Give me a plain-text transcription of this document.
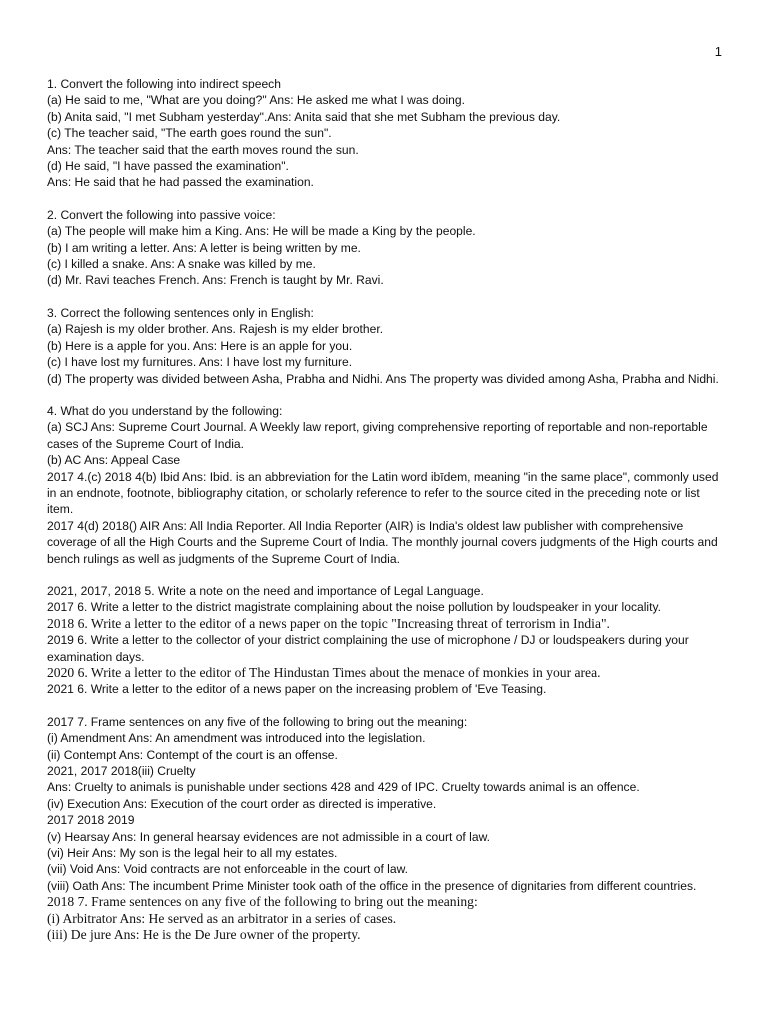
1
1. Convert the following into indirect speech
(a) He said to me, "What are you doing?" Ans: He asked me what I was doing.
(b) Anita said, "I met Subham yesterday".Ans: Anita said that she met Subham the previous day.
(c) The teacher said, "The earth goes round the sun".
Ans: The teacher said that the earth moves round the sun.
(d) He said, "I have passed the examination".
Ans: He said that he had passed the examination.
2. Convert the following into passive voice:
(a) The people will make him a King. Ans: He will be made a King by the people.
(b) I am writing a letter. Ans: A letter is being written by me.
(c) I killed a snake. Ans: A snake was killed by me.
(d) Mr. Ravi teaches French. Ans: French is taught by Mr. Ravi.
3. Correct the following sentences only in English:
(a) Rajesh is my older brother. Ans. Rajesh is my elder brother.
(b) Here is a apple for you. Ans: Here is an apple for you.
(c) I have lost my furnitures. Ans: I have lost my furniture.
(d) The property was divided between Asha, Prabha and Nidhi. Ans The property was divided among Asha, Prabha and Nidhi.
4. What do you understand by the following:
(a) SCJ Ans: Supreme Court Journal. A Weekly law report, giving comprehensive reporting of reportable and non-reportable cases of the Supreme Court of India.
(b) AC Ans: Appeal Case
2017 4.(c) 2018 4(b) Ibid Ans: Ibid. is an abbreviation for the Latin word ibīdem, meaning "in the same place", commonly used in an endnote, footnote, bibliography citation, or scholarly reference to refer to the source cited in the preceding note or list item.
2017 4(d) 2018() AIR Ans: All India Reporter. All India Reporter (AIR) is India's oldest law publisher with comprehensive coverage of all the High Courts and the Supreme Court of India. The monthly journal covers judgments of the High courts and bench rulings as well as judgments of the Supreme Court of India.
2021, 2017, 2018 5. Write a note on the need and importance of Legal Language.
2017 6. Write a letter to the district magistrate complaining about the noise pollution by loudspeaker in your locality.
2018 6. Write a letter to the editor of a news paper on the topic "Increasing threat of terrorism in India".
2019 6. Write a letter to the collector of your district complaining the use of microphone / DJ or loudspeakers during your examination days.
2020 6. Write a letter to the editor of The Hindustan Times about the menace of monkies in your area.
2021 6. Write a letter to the editor of a news paper on the increasing problem of 'Eve Teasing.
2017 7. Frame sentences on any five of the following to bring out the meaning:
(i) Amendment Ans: An amendment was introduced into the legislation.
(ii) Contempt Ans: Contempt of the court is an offense.
2021, 2017 2018(iii) Cruelty
Ans: Cruelty to animals is punishable under sections 428 and 429 of IPC. Cruelty towards animal is an offence.
(iv) Execution Ans: Execution of the court order as directed is imperative.
2017 2018 2019
(v) Hearsay Ans: In general hearsay evidences are not admissible in a court of law.
(vi) Heir Ans: My son is the legal heir to all my estates.
(vii) Void Ans: Void contracts are not enforceable in the court of law.
(viii) Oath Ans: The incumbent Prime Minister took oath of the office in the presence of dignitaries from different countries.
2018 7. Frame sentences on any five of the following to bring out the meaning:
(i) Arbitrator Ans: He served as an arbitrator in a series of cases.
(iii) De jure Ans: He is the De Jure owner of the property.
